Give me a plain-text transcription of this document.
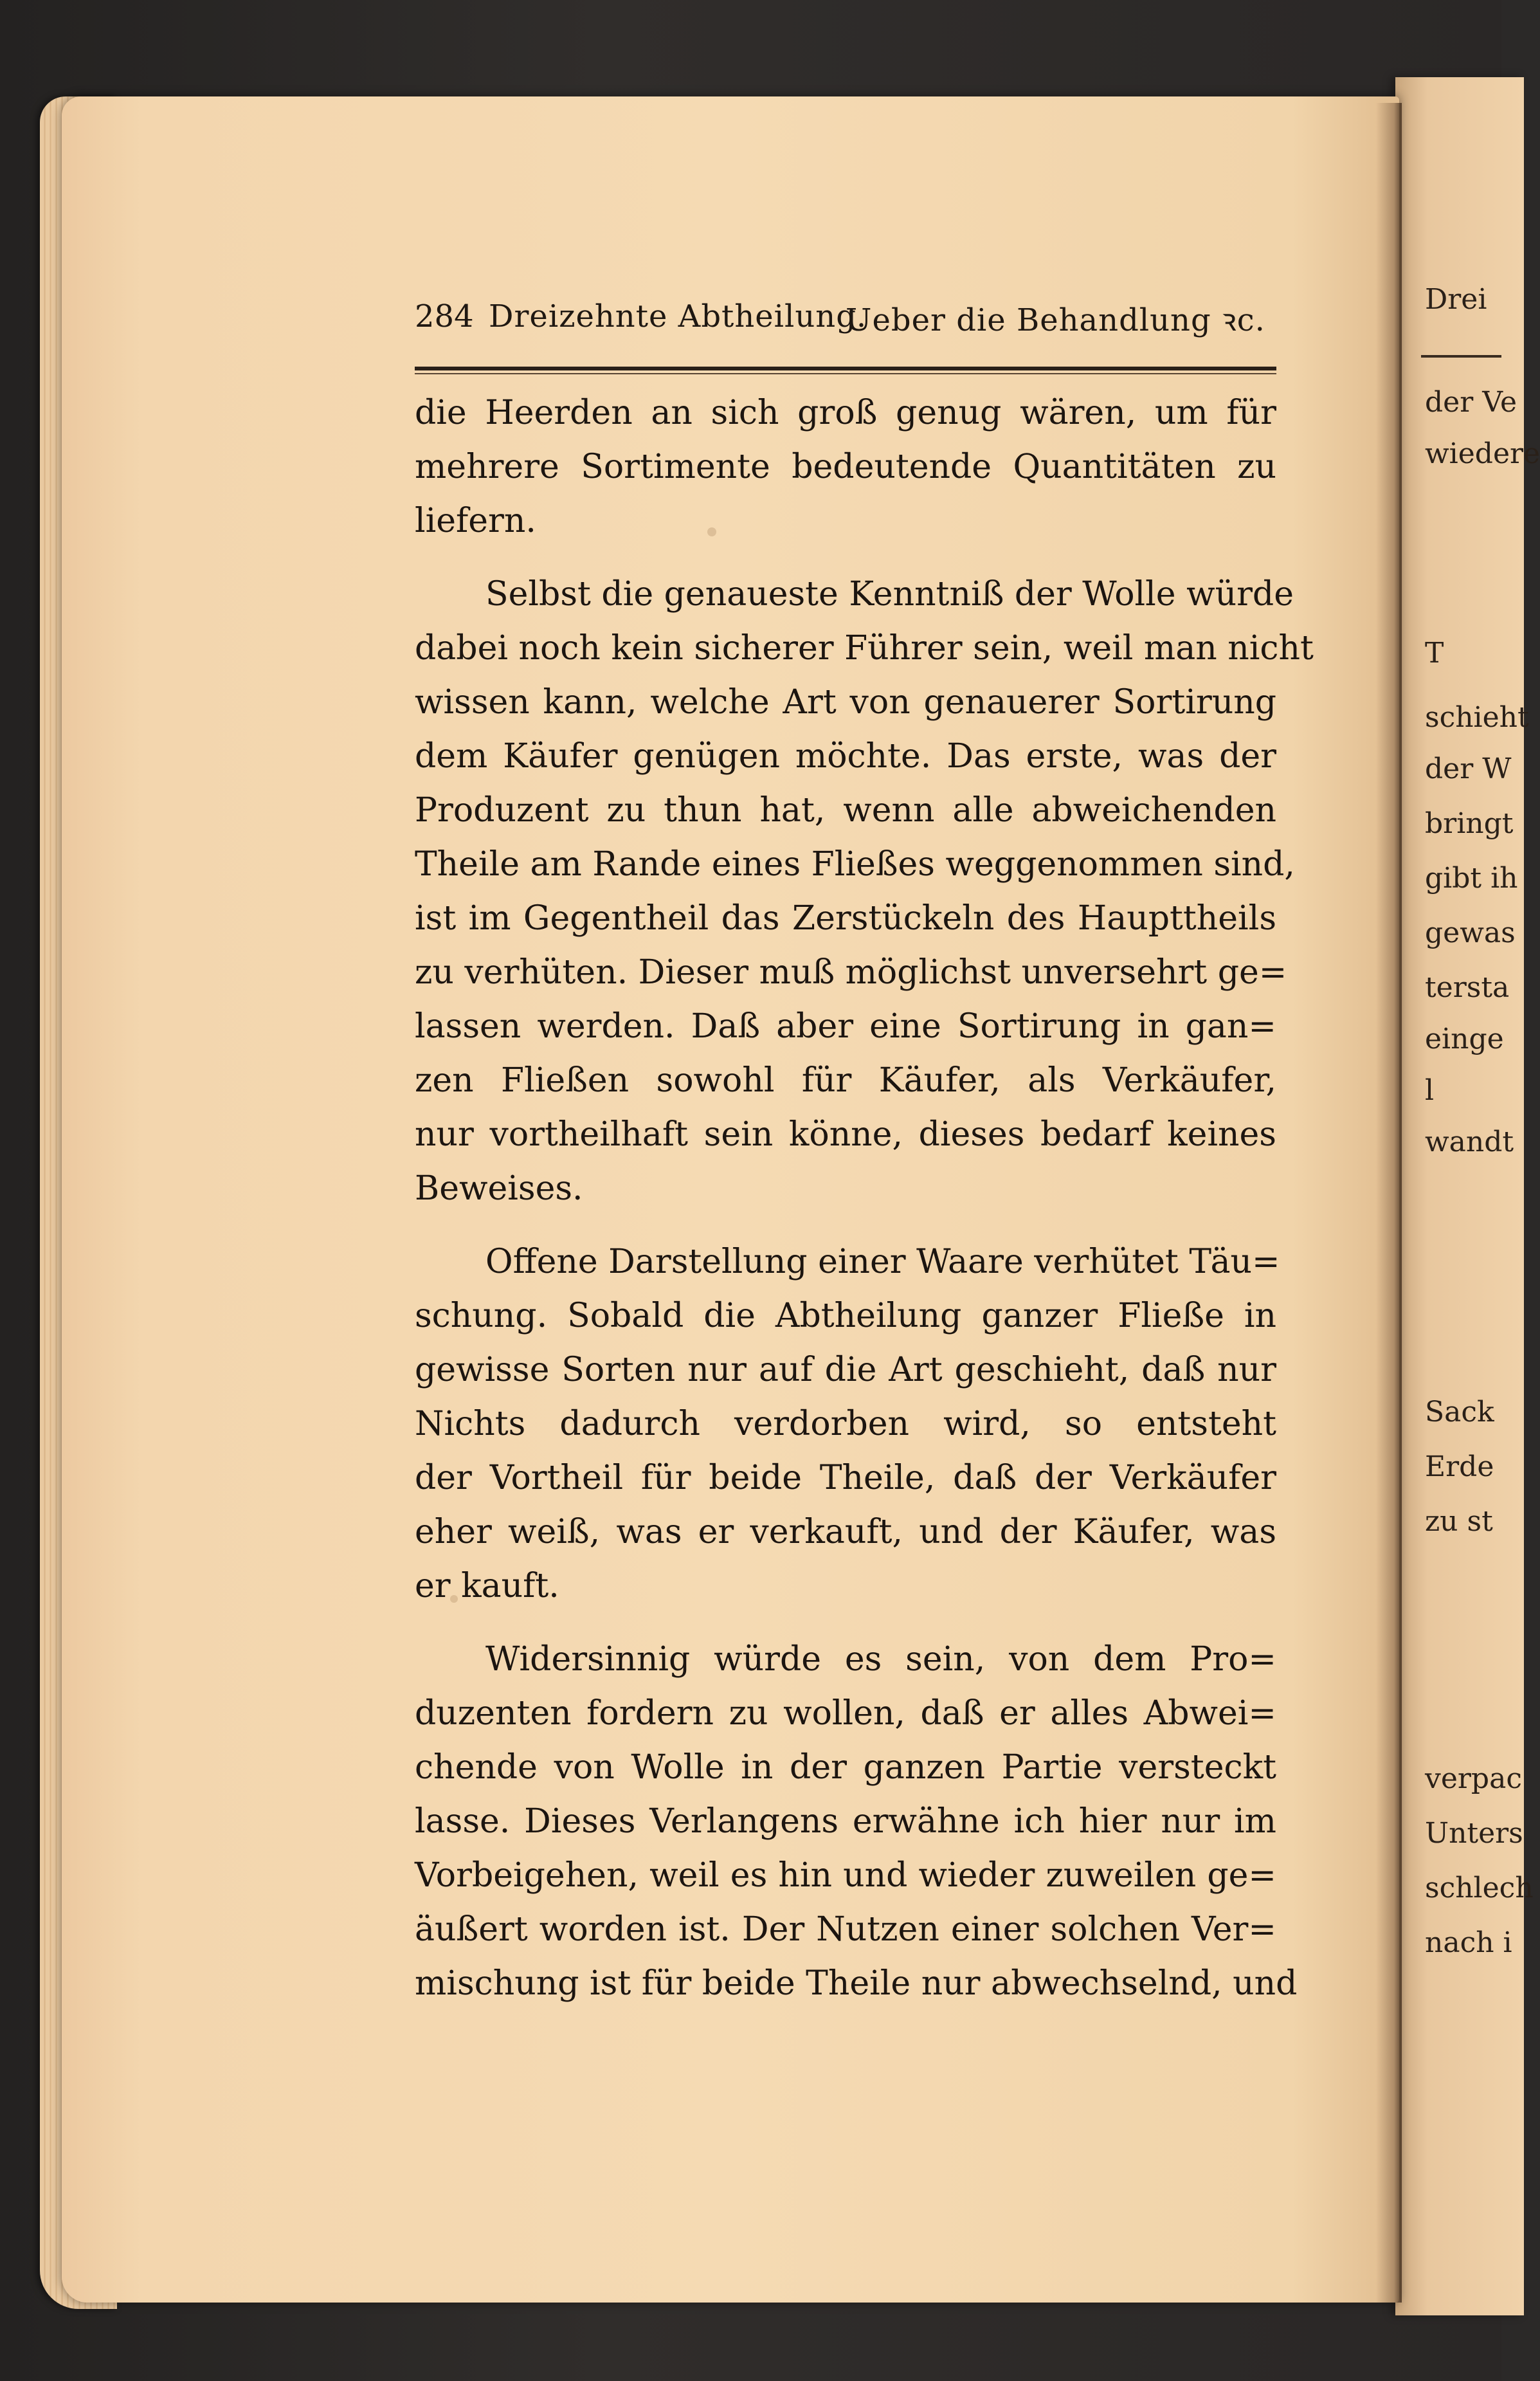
Drei
der Ve
wiedere
T
schieht
der W
bringt
gibt ih
gewas
tersta
einge
l
wandt
Sack
Erde
zu st
verpac
Unters
schlech
nach i
284 Dreizehnte Abtheilung.
Ueber die Behandlung ꝛc.
die Heerden an sich groß genug wären, um für
mehrere Sortimente bedeutende Quantitäten zu
liefern.
Selbst die genaueste Kenntniß der Wolle würde
dabei noch kein sicherer Führer sein, weil man nicht
wissen kann, welche Art von genauerer Sortirung
dem Käufer genügen möchte. Das erste, was der
Produzent zu thun hat, wenn alle abweichenden
Theile am Rande eines Fließes weggenommen sind,
ist im Gegentheil das Zerstückeln des Haupttheils
zu verhüten. Dieser muß möglichst unversehrt ge=
lassen werden. Daß aber eine Sortirung in gan=
zen Fließen sowohl für Käufer, als Verkäufer,
nur vortheilhaft sein könne, dieses bedarf keines
Beweises.
Offene Darstellung einer Waare verhütet Täu=
schung. Sobald die Abtheilung ganzer Fließe in
gewisse Sorten nur auf die Art geschieht, daß nur
Nichts dadurch verdorben wird, so entsteht
der Vortheil für beide Theile, daß der Verkäufer
eher weiß, was er verkauft, und der Käufer, was
er kauft.
Widersinnig würde es sein, von dem Pro=
duzenten fordern zu wollen, daß er alles Abwei=
chende von Wolle in der ganzen Partie versteckt
lasse. Dieses Verlangens erwähne ich hier nur im
Vorbeigehen, weil es hin und wieder zuweilen ge=
äußert worden ist. Der Nutzen einer solchen Ver=
mischung ist für beide Theile nur abwechselnd, und
